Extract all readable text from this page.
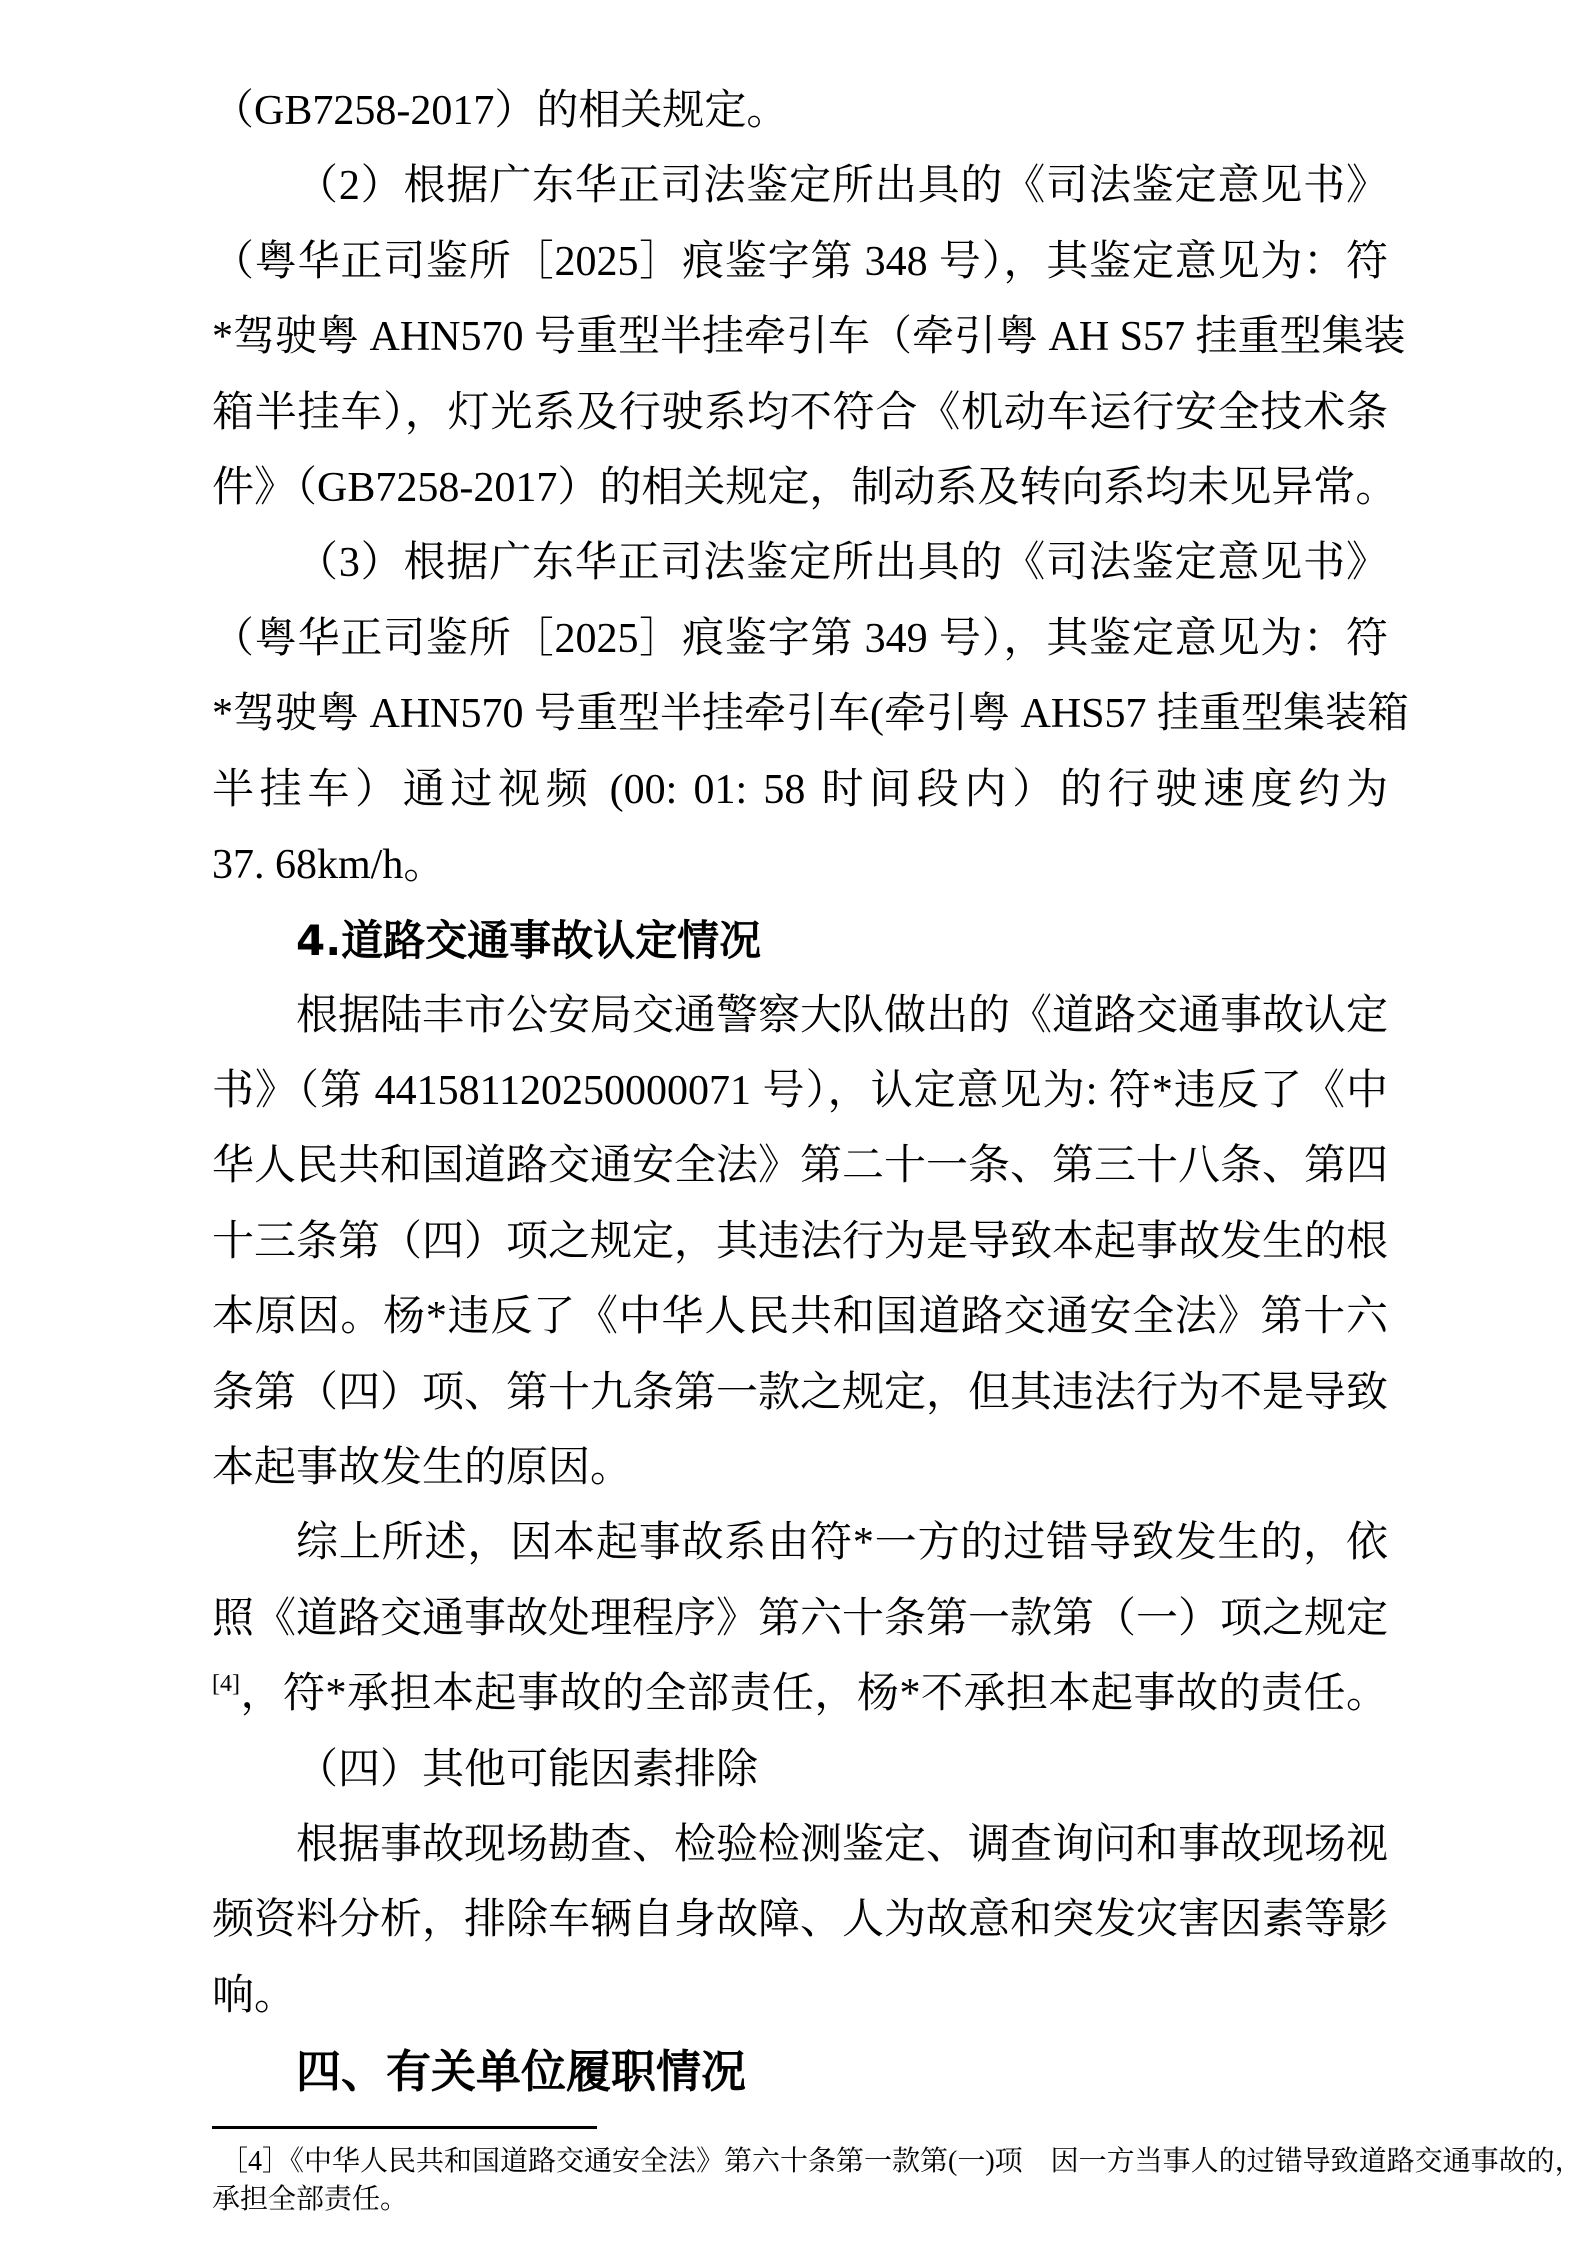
（GB7258-2017）的相关规定。
（2）根据广东华正司法鉴定所出具的《司法鉴定意见书》
（粤华正司鉴所［2025］痕鉴字第 348 号），其鉴定意见为：符
*驾驶粤 AHN570 号重型半挂牵引车（牵引粤 AH S57 挂重型集装
箱半挂车），灯光系及行驶系均不符合《机动车运行安全技术条
件》（GB7258-2017）的相关规定，制动系及转向系均未见异常。
（3）根据广东华正司法鉴定所出具的《司法鉴定意见书》
（粤华正司鉴所［2025］痕鉴字第 349 号），其鉴定意见为：符
*驾驶粤 AHN570 号重型半挂牵引车(牵引粤 AHS57 挂重型集装箱
半挂车）通过视频 (00: 01: 58 时间段内）的行驶速度约为
37. 68km/h。
4.道路交通事故认定情况
根据陆丰市公安局交通警察大队做出的《道路交通事故认定
书》（第 441581120250000071 号），认定意见为: 符*违反了《中
华人民共和国道路交通安全法》第二十一条、第三十八条、第四
十三条第（四）项之规定，其违法行为是导致本起事故发生的根
本原因。杨*违反了《中华人民共和国道路交通安全法》第十六
条第（四）项、第十九条第一款之规定，但其违法行为不是导致
本起事故发生的原因。
综上所述，因本起事故系由符*一方的过错导致发生的，依
照《道路交通事故处理程序》第六十条第一款第（一）项之规定
[4]，符*承担本起事故的全部责任，杨*不承担本起事故的责任。
（四）其他可能因素排除
根据事故现场勘查、检验检测鉴定、调查询问和事故现场视
频资料分析，排除车辆自身故障、人为故意和突发灾害因素等影
响。
四、有关单位履职情况
［4］《中华人民共和国道路交通安全法》第六十条第一款第(一)项　因一方当事人的过错导致道路交通事故的，
承担全部责任。
